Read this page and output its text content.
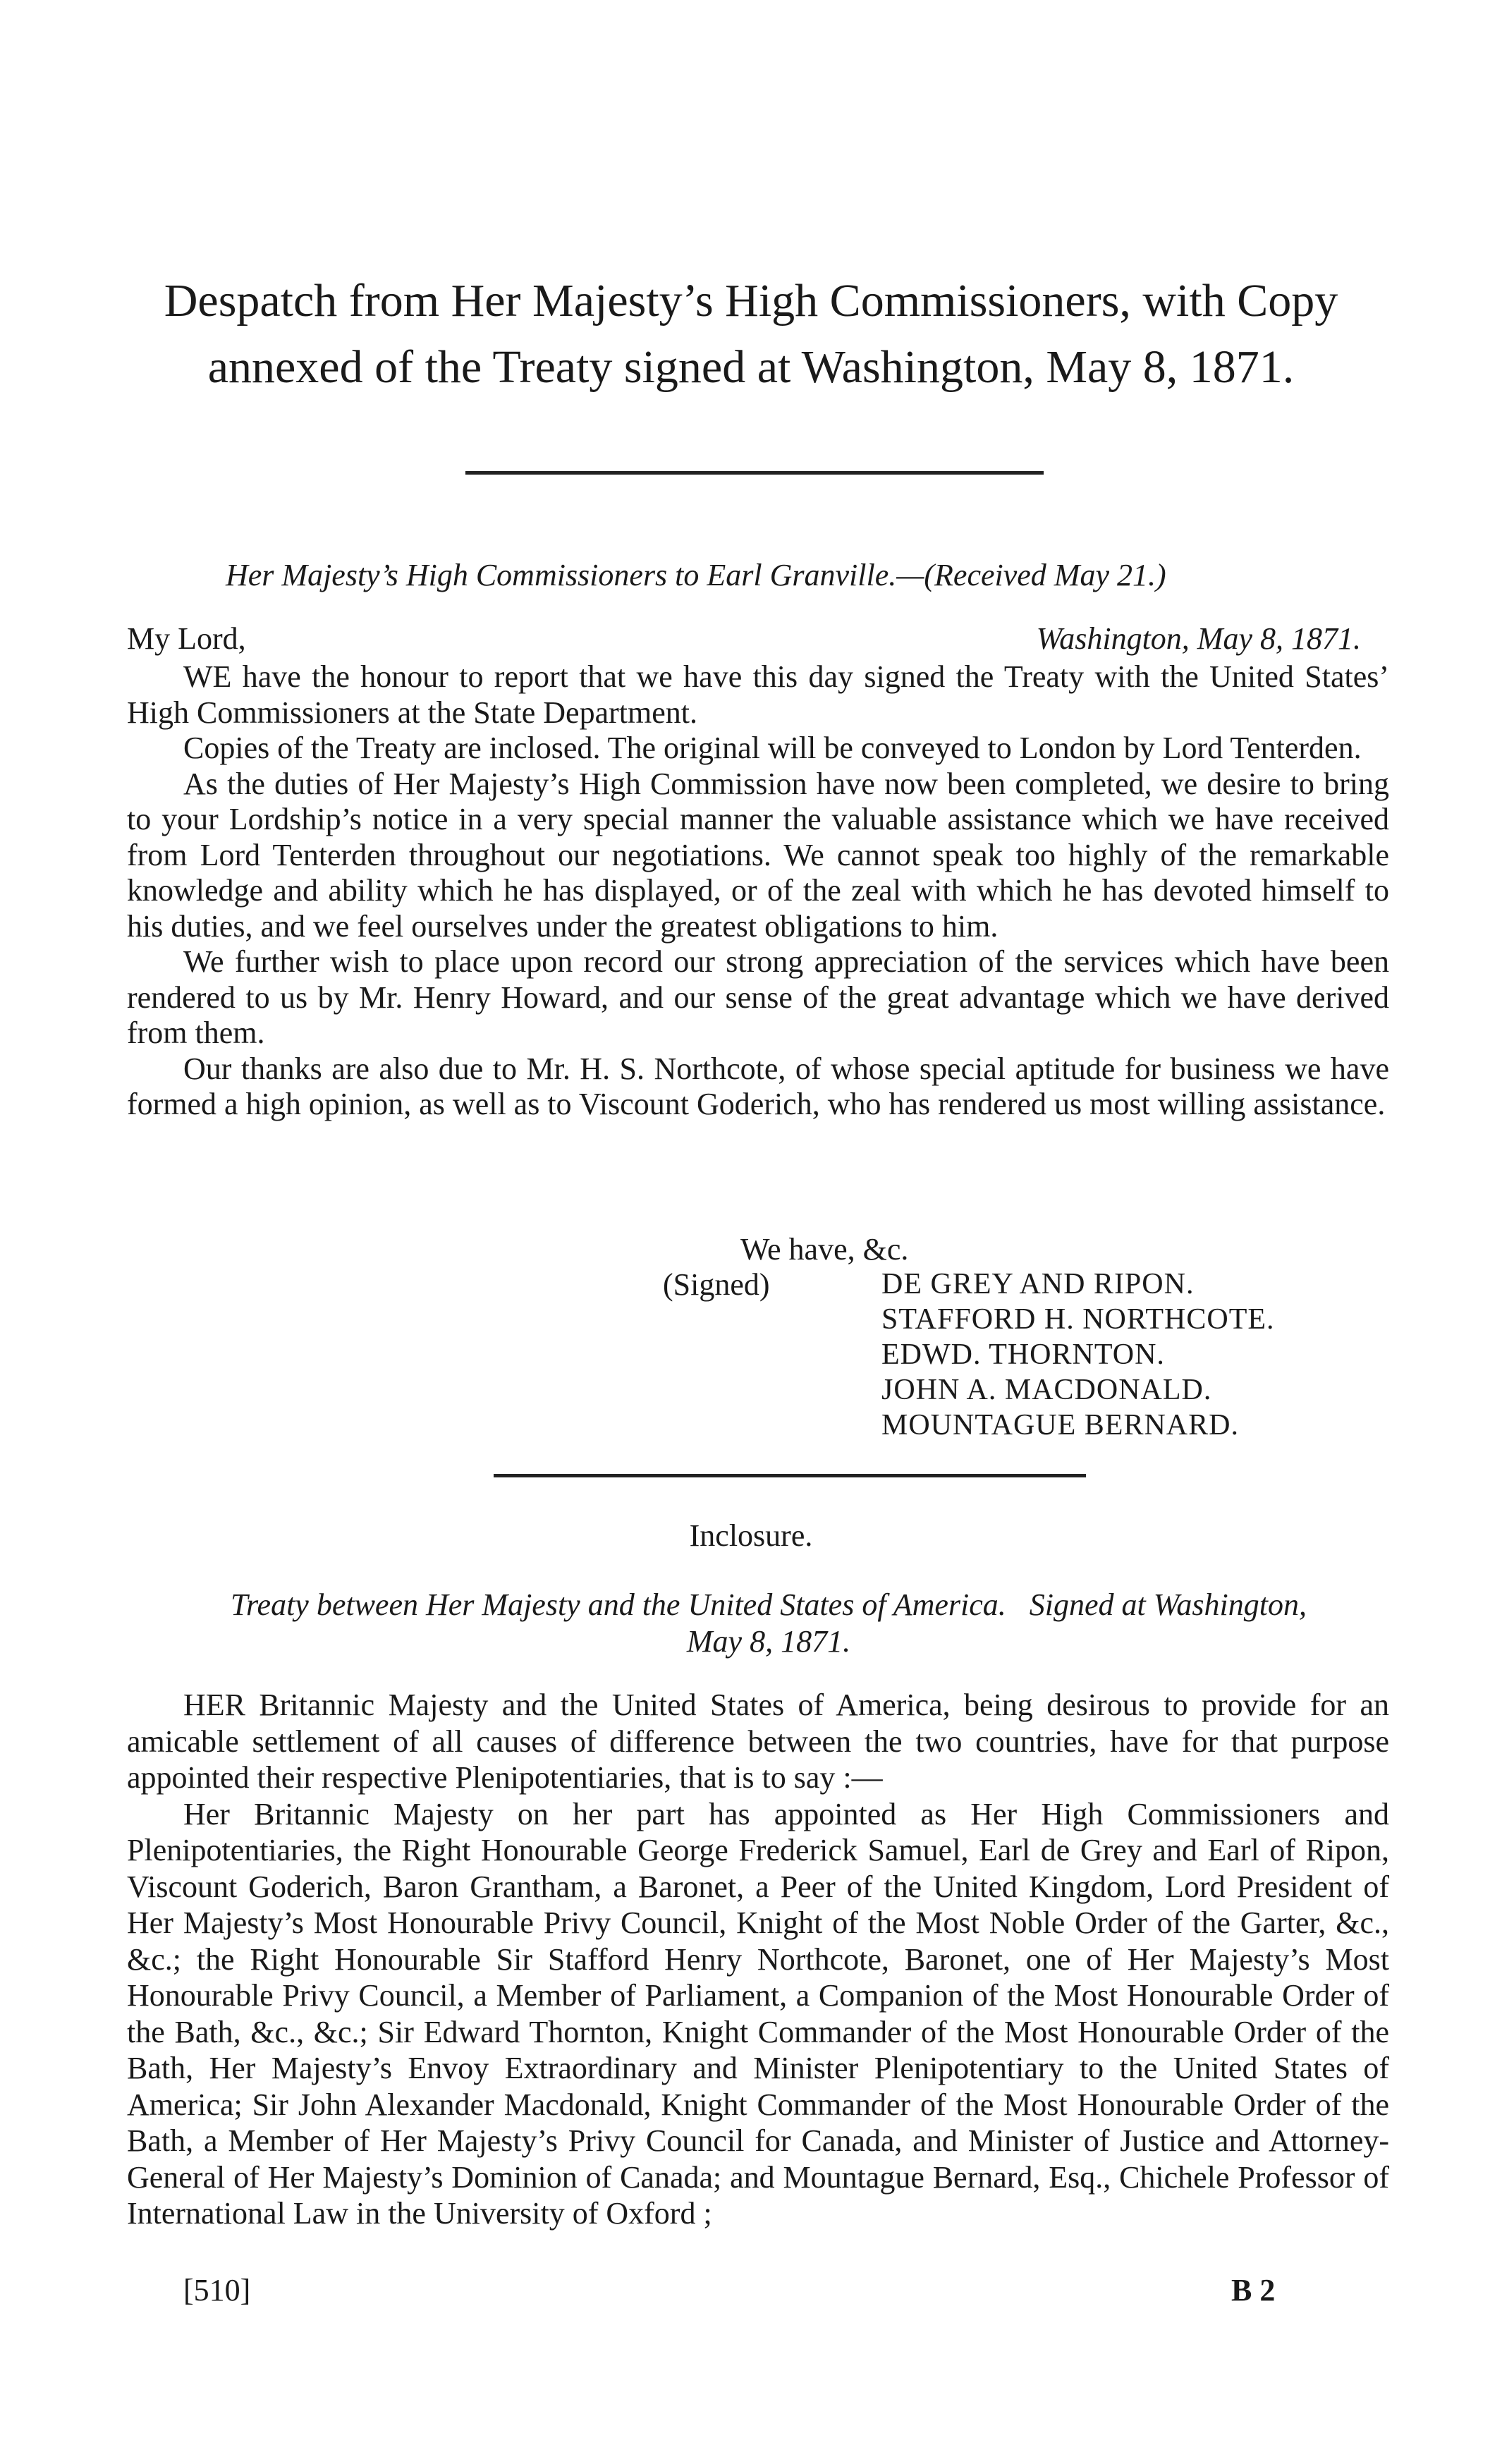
Despatch from Her Majesty’s High Commissioners, with Copy annexed of the Treaty signed at Washington, May 8, 1871.
Her Majesty’s High Commissioners to Earl Granville.—(Received May 21.)
My Lord,	Washington, May 8, 1871.

WE have the honour to report that we have this day signed the Treaty with the United States’ High Commissioners at the State Department.

Copies of the Treaty are inclosed. The original will be conveyed to London by Lord Tenterden.

As the duties of Her Majesty’s High Commission have now been completed, we desire to bring to your Lordship’s notice in a very special manner the valuable assistance which we have received from Lord Tenterden throughout our negotiations. We cannot speak too highly of the remarkable knowledge and ability which he has displayed, or of the zeal with which he has devoted himself to his duties, and we feel ourselves under the greatest obligations to him.

We further wish to place upon record our strong appreciation of the services which have been rendered to us by Mr. Henry Howard, and our sense of the great advantage which we have derived from them.

Our thanks are also due to Mr. H. S. Northcote, of whose special aptitude for business we have formed a high opinion, as well as to Viscount Goderich, who has rendered us most willing assistance.

We have, &c.
(Signed)	DE GREY AND RIPON.
STAFFORD H. NORTHCOTE.
EDWD. THORNTON.
JOHN A. MACDONALD.
MOUNTAGUE BERNARD.
Inclosure.
Treaty between Her Majesty and the United States of America.   Signed at Washington,
May 8, 1871.

HER Britannic Majesty and the United States of America, being desirous to provide for an amicable settlement of all causes of difference between the two countries, have for that purpose appointed their respective Plenipotentiaries, that is to say :—

Her Britannic Majesty on her part has appointed as Her High Commissioners and Plenipotentiaries, the Right Honourable George Frederick Samuel, Earl de Grey and Earl of Ripon, Viscount Goderich, Baron Grantham, a Baronet, a Peer of the United Kingdom, Lord President of Her Majesty’s Most Honourable Privy Council, Knight of the Most Noble Order of the Garter, &c., &c.; the Right Honourable Sir Stafford Henry Northcote, Baronet, one of Her Majesty’s Most Honourable Privy Council, a Member of Parliament, a Companion of the Most Honourable Order of the Bath, &c., &c.; Sir Edward Thornton, Knight Commander of the Most Honourable Order of the Bath, Her Majesty’s Envoy Extraordinary and Minister Plenipotentiary to the United States of America; Sir John Alexander Macdonald, Knight Commander of the Most Honourable Order of the Bath, a Member of Her Majesty’s Privy Council for Canada, and Minister of Justice and Attorney-General of Her Majesty’s Dominion of Canada; and Mountague Bernard, Esq., Chichele Professor of International Law in the University of Oxford ;

[510]	B 2
